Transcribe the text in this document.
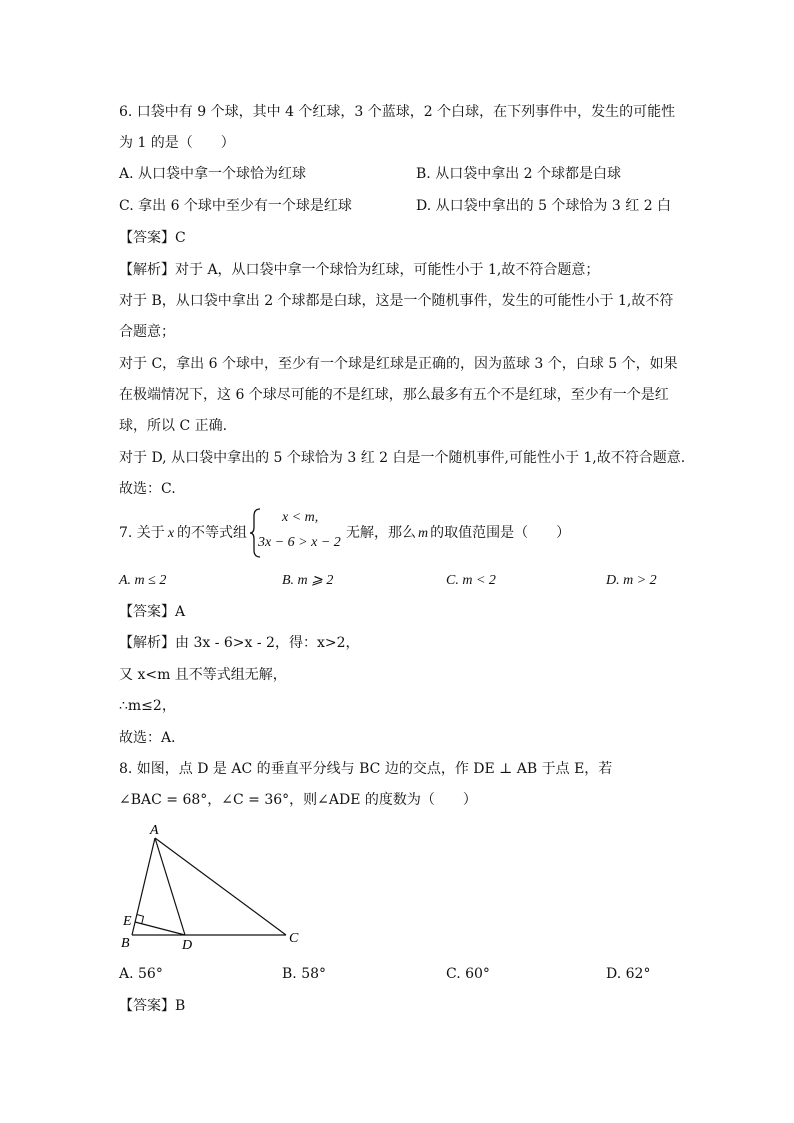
6. 口袋中有 9 个球，其中 4 个红球，3 个蓝球，2 个白球，在下列事件中，发生的可能性
为 1 的是（　　）
A. 从口袋中拿一个球恰为红球	B. 从口袋中拿出 2 个球都是白球
C. 拿出 6 个球中至少有一个球是红球	D. 从口袋中拿出的 5 个球恰为 3 红 2 白
【答案】C
【解析】对于 A，从口袋中拿一个球恰为红球，可能性小于 1,故不符合题意；
对于 B，从口袋中拿出 2 个球都是白球，这是一个随机事件，发生的可能性小于 1,故不符
合题意；
对于 C，拿出 6 个球中，至少有一个球是红球是正确的，因为蓝球 3 个，白球 5 个，如果
在极端情况下，这 6 个球尽可能的不是红球，那么最多有五个不是红球，至少有一个是红
球，所以 C 正确.
对于 D, 从口袋中拿出的 5 个球恰为 3 红 2 白是一个随机事件,可能性小于 1,故不符合题意.
故选：C.
7. 关于 x 的不等式组
x < m,
3x − 6 > x − 2
无解，那么 m 的取值范围是（　　）
A. m ≤ 2	B. m ⩾ 2	C. m < 2	D. m > 2
【答案】A
【解析】由 3x - 6>x - 2，得：x>2，
又 x<m 且不等式组无解，
∴m≤2，
故选：A．
8. 如图，点 D 是 AC 的垂直平分线与 BC 边的交点，作 DE ⊥ AB 于点 E，若
∠BAC = 68°，∠C = 36°，则∠ADE 的度数为（　　）
A
B	C
D
E
A. 56°	B. 58°	C. 60°	D. 62°
【答案】B
